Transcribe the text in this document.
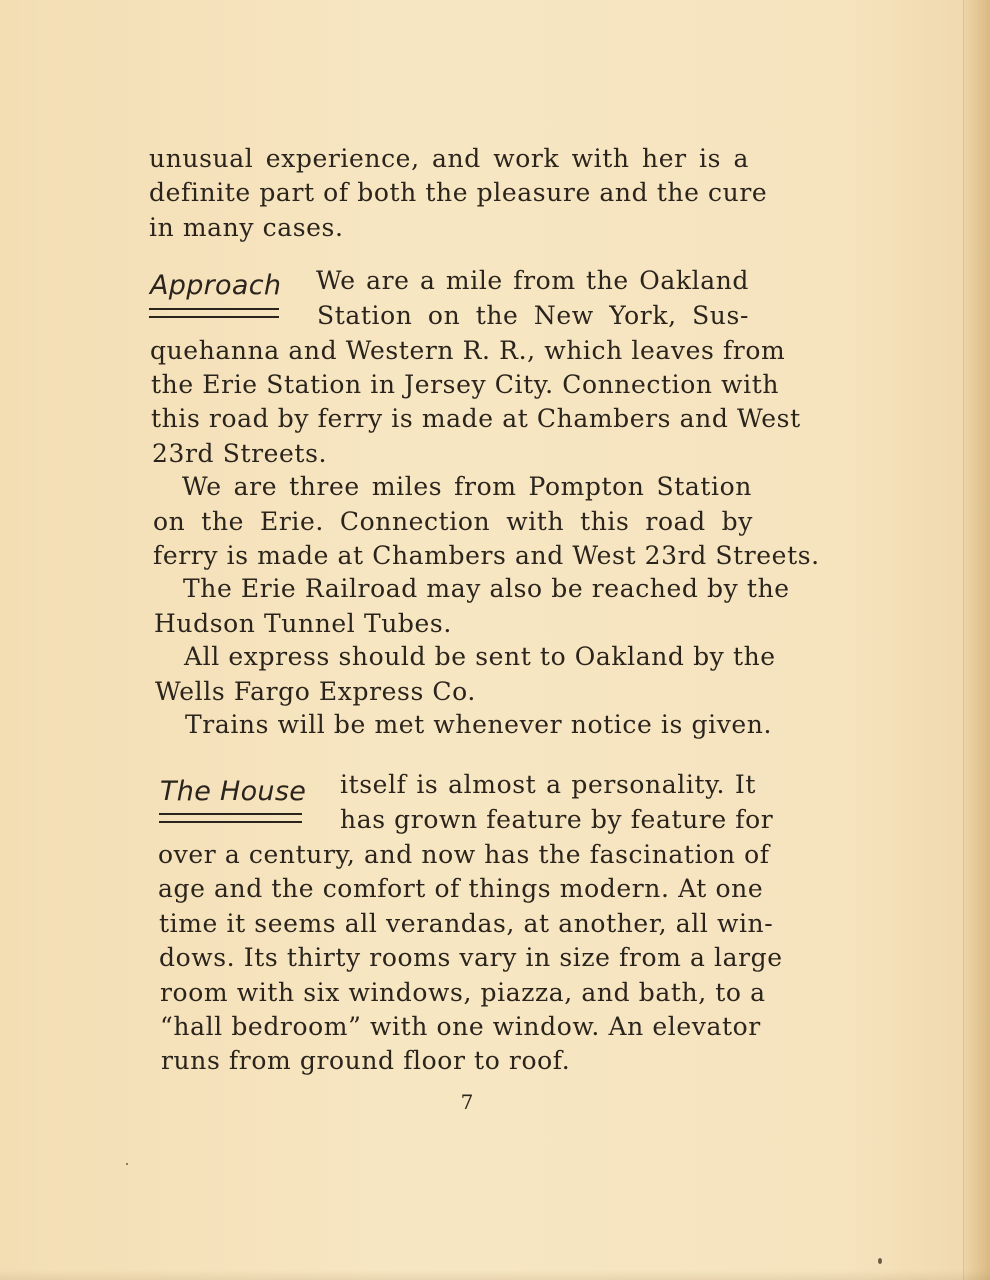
unusual experience, and work with her is a
definite part of both the pleasure and the cure
in many cases.
Approach We are a mile from the Oakland
Station on the New York, Sus-
quehanna and Western R. R., which leaves from
the Erie Station in Jersey City. Connection with
this road by ferry is made at Chambers and West
23rd Streets.
We are three miles from Pompton Station
on the Erie. Connection with this road by
ferry is made at Chambers and West 23rd Streets.
The Erie Railroad may also be reached by the
Hudson Tunnel Tubes.
All express should be sent to Oakland by the
Wells Fargo Express Co.
Trains will be met whenever notice is given.
The House itself is almost a personality. It
has grown feature by feature for
over a century, and now has the fascination of
age and the comfort of things modern. At one
time it seems all verandas, at another, all win-
dows. Its thirty rooms vary in size from a large
room with six windows, piazza, and bath, to a
“hall bedroom” with one window. An elevator
runs from ground floor to roof.
7
